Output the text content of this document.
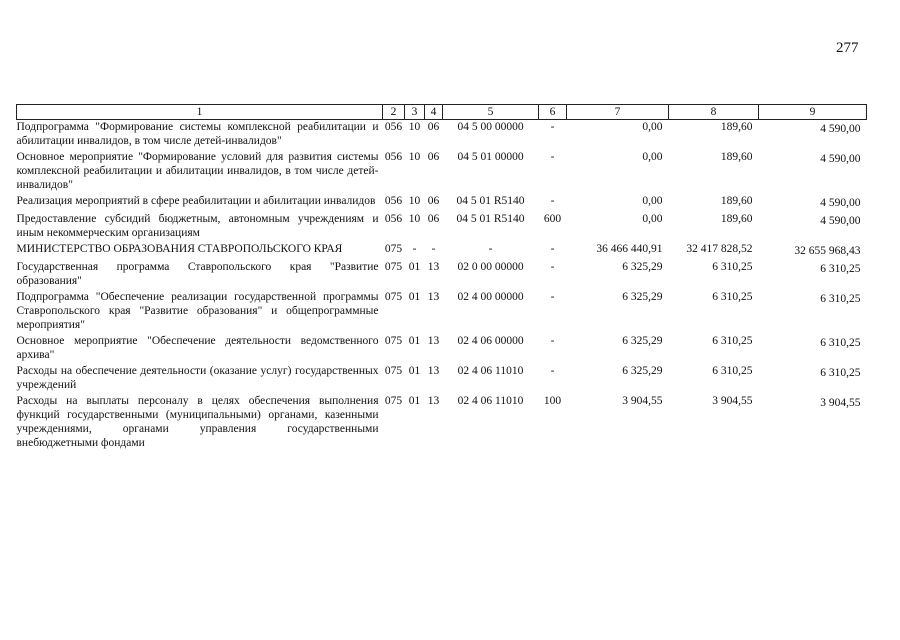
277
1	2	3	4	5	6	7	8	9
Подпрограмма "Формирование системы комплексной реабилитации и абилитации инвалидов, в том числе детей-инвалидов"	056	10	06	04 5 00 00000	-	0,00	189,60	4 590,00
Основное мероприятие "Формирование условий для развития системы комплексной реабилитации и абилитации инвалидов, в том числе детей-инвалидов"	056	10	06	04 5 01 00000	-	0,00	189,60	4 590,00
Реализация мероприятий в сфере реабилитации и абилитации инвалидов	056	10	06	04 5 01 R5140	-	0,00	189,60	4 590,00
Предоставление субсидий бюджетным, автономным учреждениям и иным некоммерческим организациям	056	10	06	04 5 01 R5140	600	0,00	189,60	4 590,00
МИНИСТЕРСТВО ОБРАЗОВАНИЯ СТАВРОПОЛЬСКОГО КРАЯ	075	-	-	-	-	36 466 440,91	32 417 828,52	32 655 968,43
Государственная программа Ставропольского края "Развитие образования"	075	01	13	02 0 00 00000	-	6 325,29	6 310,25	6 310,25
Подпрограмма "Обеспечение реализации государственной программы Ставропольского края "Развитие образования" и общепрограммные мероприятия"	075	01	13	02 4 00 00000	-	6 325,29	6 310,25	6 310,25
Основное мероприятие "Обеспечение деятельности ведомственного архива"	075	01	13	02 4 06 00000	-	6 325,29	6 310,25	6 310,25
Расходы на обеспечение деятельности (оказание услуг) государственных учреждений	075	01	13	02 4 06 11010	-	6 325,29	6 310,25	6 310,25
Расходы на выплаты персоналу в целях обеспечения выполнения функций государственными (муниципальными) органами, казенными учреждениями, органами управления государственными внебюджетными фондами	075	01	13	02 4 06 11010	100	3 904,55	3 904,55	3 904,55
